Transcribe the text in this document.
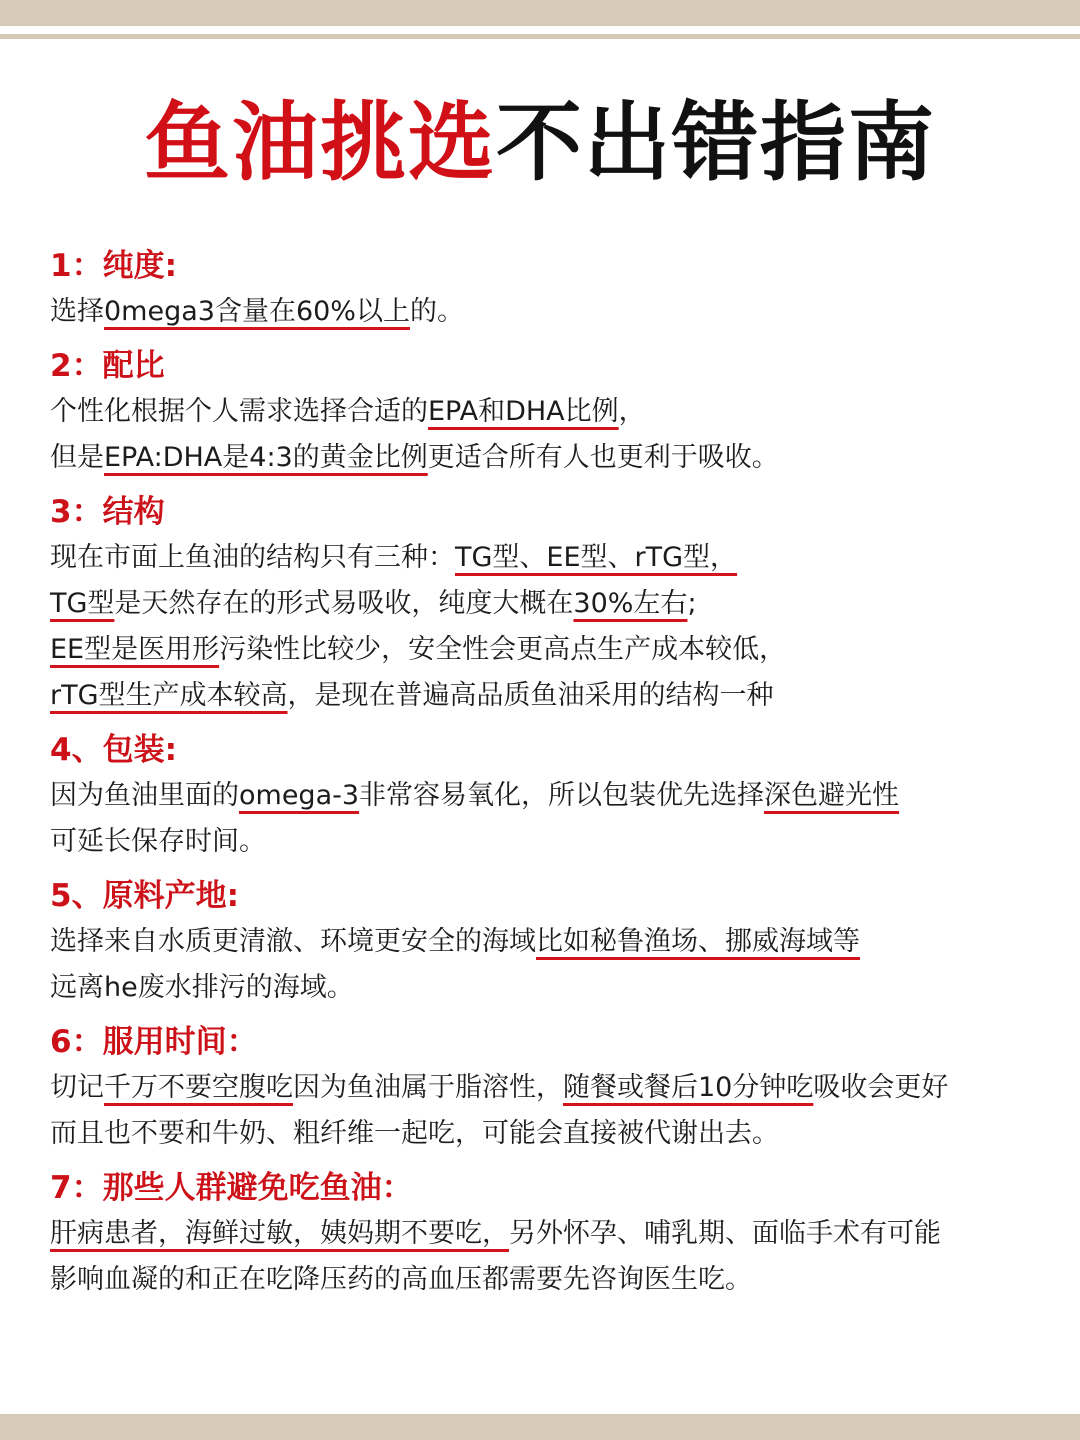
鱼油挑选不出错指南
1：纯度:
选择0mega3含量在60%以上的。
2：配比
个性化根据个人需求选择合适的EPA和DHA比例，
但是EPA:DHA是4:3的黄金比例更适合所有人也更利于吸收。
3：结构
现在市面上鱼油的结构只有三种：TG型、EE型、rTG型，
TG型是天然存在的形式易吸收，纯度大概在30%左右;
EE型是医用形污染性比较少，安全性会更高点生产成本较低，
rTG型生产成本较高，是现在普遍高品质鱼油采用的结构一种
4、包装:
因为鱼油里面的omega-3非常容易氧化，所以包装优先选择深色避光性
可延长保存时间。
5、原料产地:
选择来自水质更清澈、环境更安全的海域比如秘鲁渔场、挪威海域等
远离he废水排污的海域。
6：服用时间：
切记千万不要空腹吃因为鱼油属于脂溶性，随餐或餐后10分钟吃吸收会更好
而且也不要和牛奶、粗纤维一起吃，可能会直接被代谢出去。
7：那些人群避免吃鱼油：
肝病患者，海鲜过敏，姨妈期不要吃，另外怀孕、哺乳期、面临手术有可能
影响血凝的和正在吃降压药的高血压都需要先咨询医生吃。
